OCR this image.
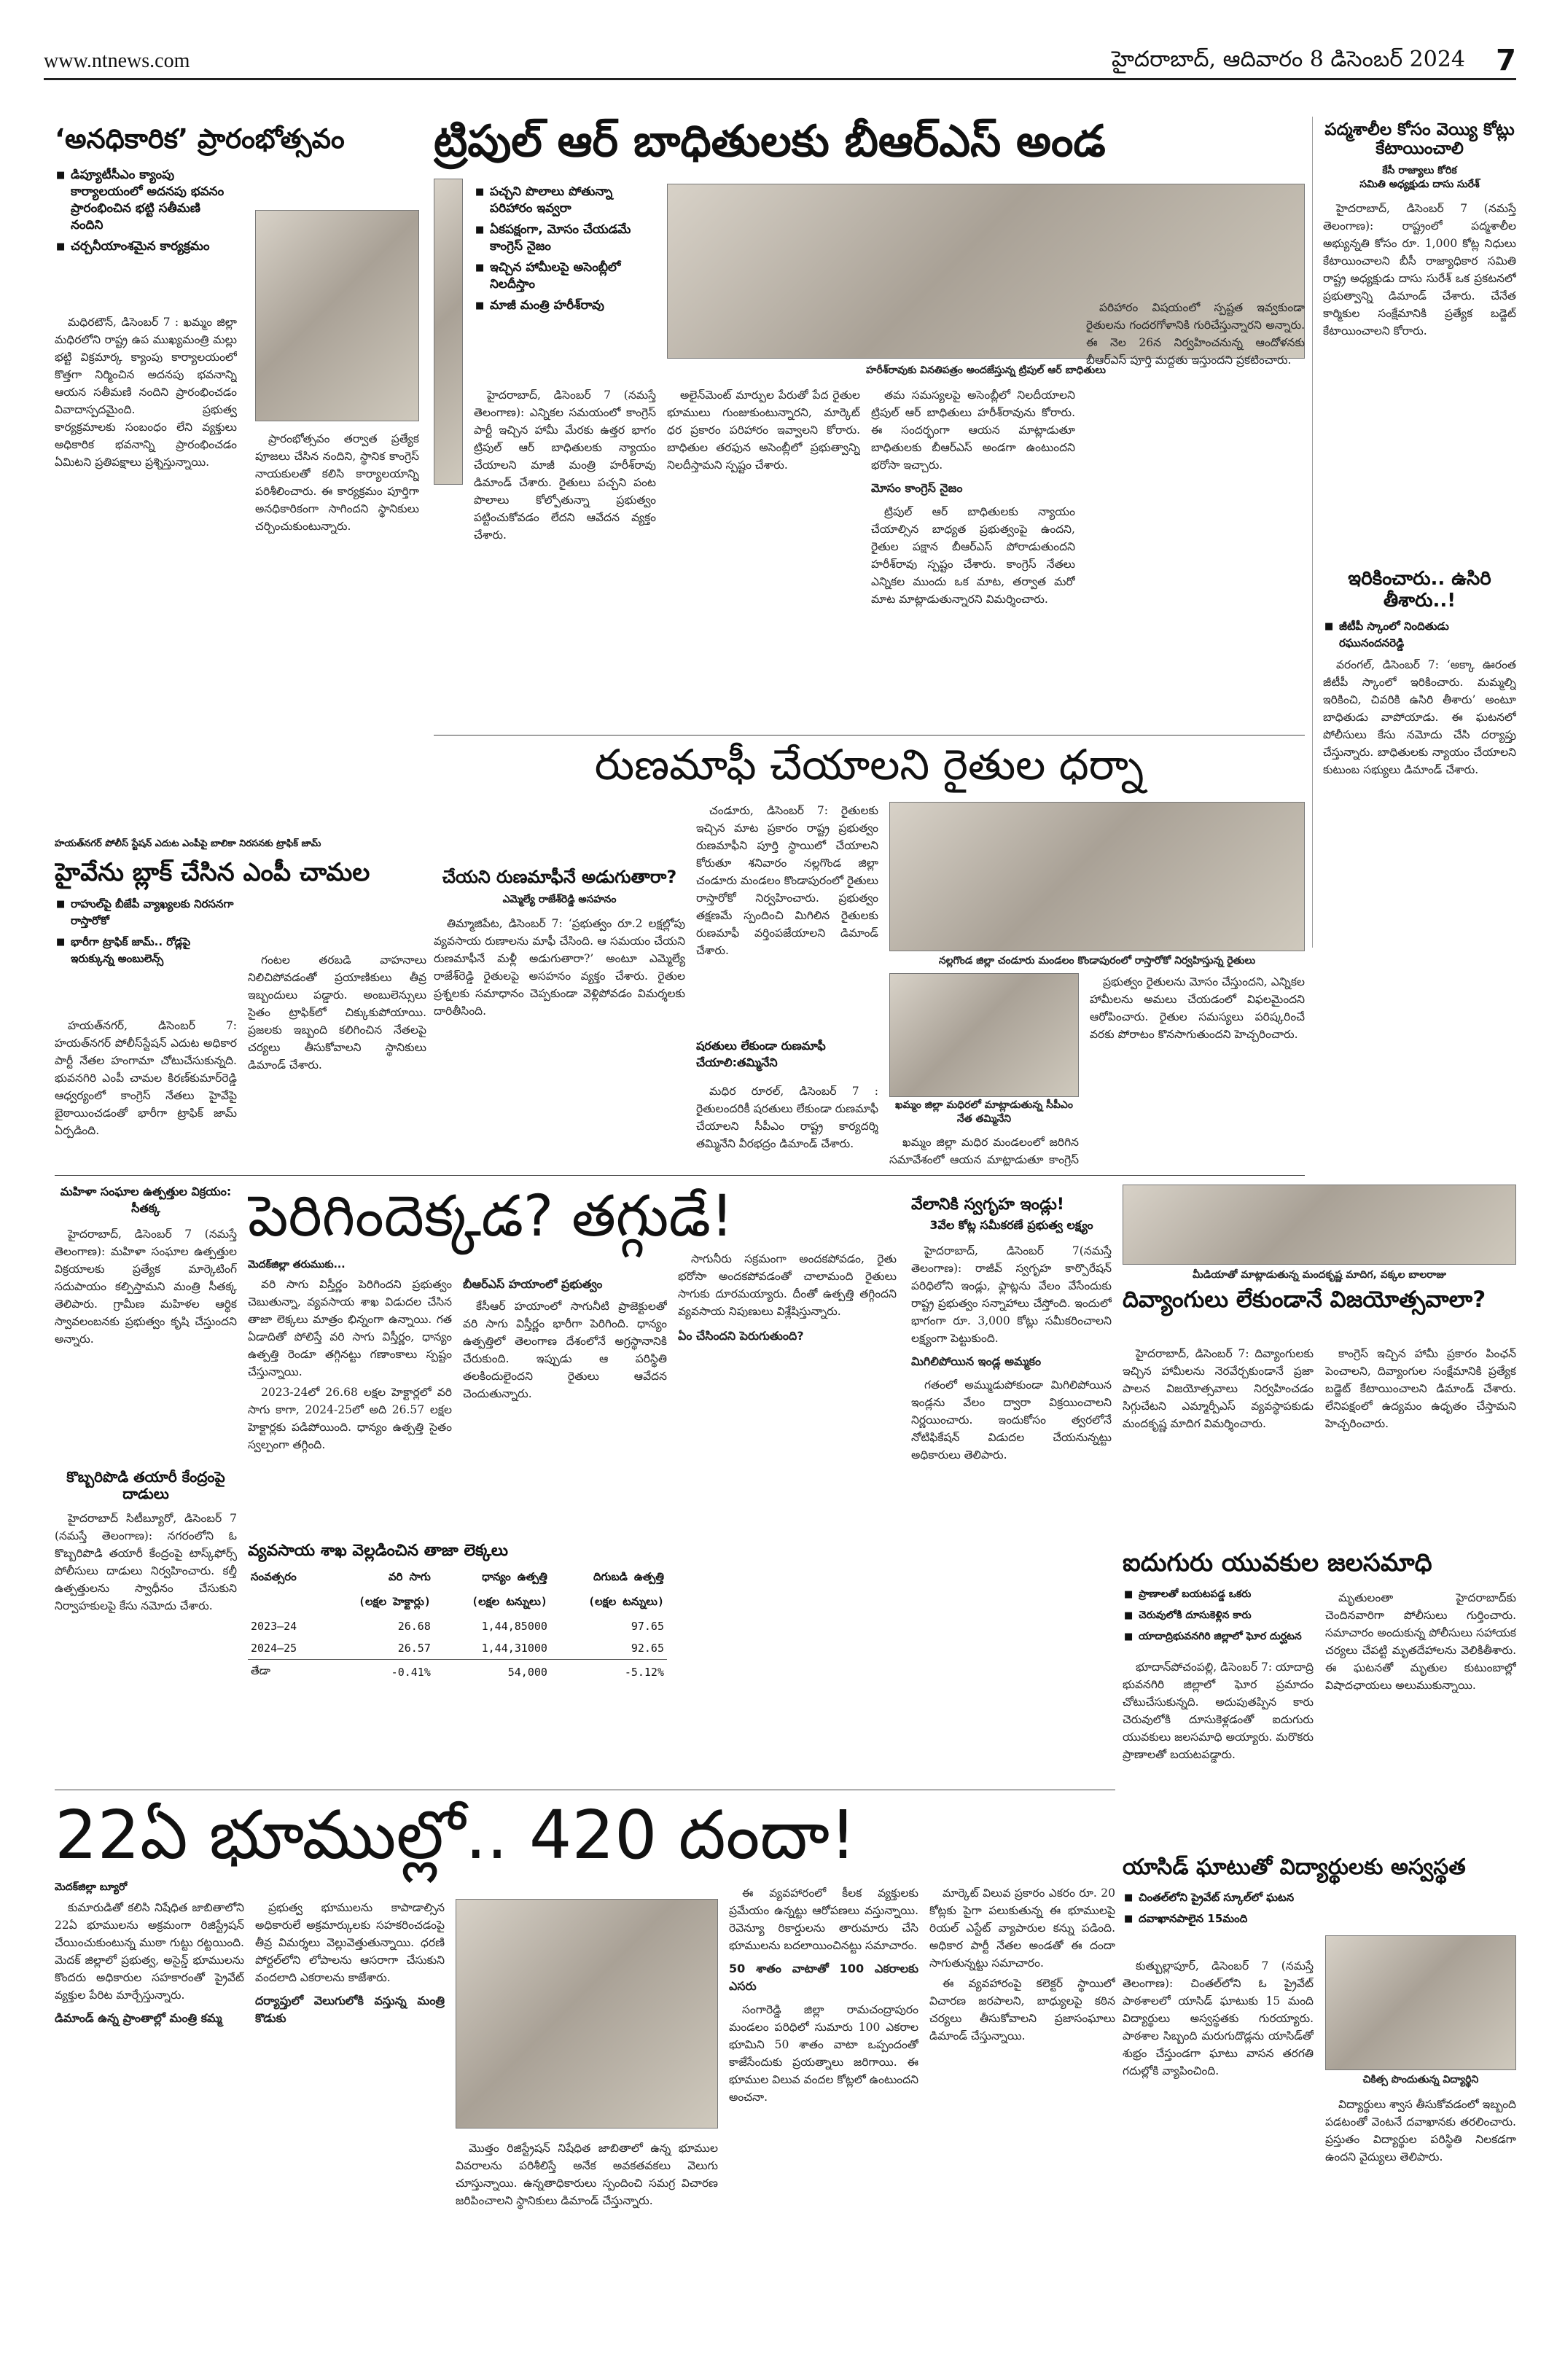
www.ntnews.com	హైదరాబాద్, ఆదివారం 8 డిసెంబర్ 2024 7
‘అనధికారిక’ ప్రారంభోత్సవం
■ డిప్యూటీసీఎం క్యాంపు కార్యాలయంలో అదనపు భవనం ప్రారంభించిన భట్టి సతీమణి నందిని
■ చర్చనీయాంశమైన కార్యక్రమం

మధిరటౌన్, డిసెంబర్ 7 : ఖమ్మం జిల్లా మధిరలోని రాష్ట్ర ఉప ముఖ్యమంత్రి మల్లు భట్టి విక్రమార్క క్యాంపు కార్యాలయంలో కొత్తగా నిర్మించిన అదనపు భవనాన్ని ఆయన సతీమణి నందిని ప్రారంభించడం వివాదాస్పదమైంది. ప్రభుత్వ కార్యక్రమాలకు సంబంధం లేని వ్యక్తులు అధికారిక భవనాన్ని ప్రారంభించడం ఏమిటని ప్రతిపక్షాలు ప్రశ్నిస్తున్నాయి.

ప్రారంభోత్సవం తర్వాత ప్రత్యేక పూజలు చేసిన నందిని, స్థానిక కాంగ్రెస్ నాయకులతో కలిసి కార్యాలయాన్ని పరిశీలించారు. ఈ కార్యక్రమం పూర్తిగా అనధికారికంగా సాగిందని స్థానికులు చర్చించుకుంటున్నారు.

ట్రిపుల్ ఆర్ బాధితులకు బీఆర్ఎస్ అండ
■ పచ్చని పొలాలు పోతున్నా పరిహారం ఇవ్వరా
■ ఏకపక్షంగా, మోసం చేయడమే కాంగ్రెస్ నైజం
■ ఇచ్చిన హామీలపై అసెంబ్లీలో నిలదీస్తాం
■ మాజీ మంత్రి హరీశ్‌రావు

హైదరాబాద్, డిసెంబర్ 7 (నమస్తే తెలంగాణ): ఎన్నికల సమయంలో కాంగ్రెస్ పార్టీ ఇచ్చిన హామీ మేరకు ఉత్తర భాగం ట్రిపుల్ ఆర్ బాధితులకు న్యాయం చేయాలని మాజీ మంత్రి హరీశ్‌రావు డిమాండ్ చేశారు. రైతులు పచ్చని పంట పొలాలు కోల్పోతున్నా ప్రభుత్వం పట్టించుకోవడం లేదని ఆవేదన వ్యక్తం చేశారు.

అలైన్‌మెంట్ మార్పుల పేరుతో పేద రైతుల భూములు గుంజుకుంటున్నారని, మార్కెట్ ధర ప్రకారం పరిహారం ఇవ్వాలని కోరారు. బాధితుల తరఫున అసెంబ్లీలో ప్రభుత్వాన్ని నిలదీస్తామని స్పష్టం చేశారు.

హరీశ్‌రావుకు వినతిపత్రం అందజేస్తున్న ట్రిపుల్ ఆర్ బాధితులు

తమ సమస్యలపై అసెంబ్లీలో నిలదీయాలని ట్రిపుల్ ఆర్ బాధితులు హరీశ్‌రావును కోరారు. ఈ సందర్భంగా ఆయన మాట్లాడుతూ బాధితులకు బీఆర్ఎస్ అండగా ఉంటుందని భరోసా ఇచ్చారు.

మోసం కాంగ్రెస్ నైజం

ట్రిపుల్ ఆర్ బాధితులకు న్యాయం చేయాల్సిన బాధ్యత ప్రభుత్వంపై ఉందని, రైతుల పక్షాన బీఆర్ఎస్ పోరాడుతుందని హరీశ్‌రావు స్పష్టం చేశారు. కాంగ్రెస్ నేతలు ఎన్నికల ముందు ఒక మాట, తర్వాత మరో మాట మాట్లాడుతున్నారని విమర్శించారు.

పరిహారం విషయంలో స్పష్టత ఇవ్వకుండా రైతులను గందరగోళానికి గురిచేస్తున్నారని అన్నారు. ఈ నెల 26న నిర్వహించనున్న ఆందోళనకు బీఆర్ఎస్ పూర్తి మద్దతు ఇస్తుందని ప్రకటించారు.

పద్మశాలీల కోసం వెయ్యి కోట్లు కేటాయించాలి
కేసీ రాజ్యాలు కోరిక
సమితి అధ్యక్షుడు దాసు సురేశ్

హైదరాబాద్, డిసెంబర్ 7 (నమస్తే తెలంగాణ): రాష్ట్రంలో పద్మశాలీల అభ్యున్నతి కోసం రూ. 1,000 కోట్ల నిధులు కేటాయించాలని బీసీ రాజ్యాధికార సమితి రాష్ట్ర అధ్యక్షుడు దాసు సురేశ్ ఒక ప్రకటనలో ప్రభుత్వాన్ని డిమాండ్ చేశారు. చేనేత కార్మికుల సంక్షేమానికి ప్రత్యేక బడ్జెట్ కేటాయించాలని కోరారు.

ఇరికించారు.. ఉసిరి తీశారు..!
■ జీటీపీ స్కాంలో నిందితుడు రఘునందనరెడ్డి

వరంగల్, డిసెంబర్ 7: ‘అక్కా ఊరంత జీటీపీ స్కాంలో ఇరికించారు. మమ్మల్ని ఇరికించి, చివరికి ఉసిరి తీశారు’ అంటూ బాధితుడు వాపోయాడు. ఈ ఘటనలో పోలీసులు కేసు నమోదు చేసి దర్యాప్తు చేస్తున్నారు. బాధితులకు న్యాయం చేయాలని కుటుంబ సభ్యులు డిమాండ్ చేశారు.

రుణమాఫీ చేయాలని రైతుల ధర్నా

చండూరు, డిసెంబర్ 7: రైతులకు ఇచ్చిన మాట ప్రకారం రాష్ట్ర ప్రభుత్వం రుణమాఫీని పూర్తి స్థాయిలో చేయాలని కోరుతూ శనివారం నల్లగొండ జిల్లా చండూరు మండలం కొండాపురంలో రైతులు రాస్తారోకో నిర్వహించారు. ప్రభుత్వం తక్షణమే స్పందించి మిగిలిన రైతులకు రుణమాఫీ వర్తింపజేయాలని డిమాండ్ చేశారు.

షరతులు లేకుండా రుణమాఫీ చేయాలి:తమ్మినేని

మధిర రూరల్, డిసెంబర్ 7 : రైతులందరికీ షరతులు లేకుండా రుణమాఫీ చేయాలని సీపీఎం రాష్ట్ర కార్యదర్శి తమ్మినేని వీరభద్రం డిమాండ్ చేశారు.

నల్లగొండ జిల్లా చండూరు మండలం కొండాపురంలో రాస్తారోకో నిర్వహిస్తున్న రైతులు

ప్రభుత్వం రైతులను మోసం చేస్తుందని, ఎన్నికల హామీలను అమలు చేయడంలో విఫలమైందని ఆరోపించారు. రైతుల సమస్యలు పరిష్కరించే వరకు పోరాటం కొనసాగుతుందని హెచ్చరించారు.

ఖమ్మం జిల్లా మధిరలో మాట్లాడుతున్న సీపీఎం నేత తమ్మినేని

ఖమ్మం జిల్లా మధిర మండలంలో జరిగిన సమావేశంలో ఆయన మాట్లాడుతూ కాంగ్రెస్

హయత్‌నగర్ పోలీస్ స్టేషన్ ఎదుట ఎంపీపై బాలికా నిరసనకు ట్రాఫిక్ జామ్
హైవేను బ్లాక్ చేసిన ఎంపీ చామల
■ రాహుల్‌పై బీజేపీ వ్యాఖ్యలకు నిరసనగా రాస్తారోకో
■ భారీగా ట్రాఫిక్ జామ్.. రోడ్లపై ఇరుక్కున్న అంబులెన్స్

హయత్‌నగర్, డిసెంబర్ 7: హయత్‌నగర్ పోలీస్‌స్టేషన్ ఎదుట అధికార పార్టీ నేతల హంగామా చోటుచేసుకున్నది. భువనగిరి ఎంపీ చామల కిరణ్‌కుమార్‌రెడ్డి ఆధ్వర్యంలో కాంగ్రెస్ నేతలు హైవేపై బైఠాయించడంతో భారీగా ట్రాఫిక్ జామ్ ఏర్పడింది.

గంటల తరబడి వాహనాలు నిలిచిపోవడంతో ప్రయాణికులు తీవ్ర ఇబ్బందులు పడ్డారు. అంబులెన్సులు సైతం ట్రాఫిక్‌లో చిక్కుకుపోయాయి. ప్రజలకు ఇబ్బంది కలిగించిన నేతలపై చర్యలు తీసుకోవాలని స్థానికులు డిమాండ్ చేశారు.

చేయని రుణమాఫీనే అడుగుతారా?
ఎమ్మెల్యే రాజేశ్‌రెడ్డి అసహనం

తిమ్మాజిపేట, డిసెంబర్ 7: ‘ప్రభుత్వం రూ.2 లక్షల్లోపు వ్యవసాయ రుణాలను మాఫీ చేసింది. ఆ సమయం చేయని రుణమాఫీనే మళ్లీ అడుగుతారా?’ అంటూ ఎమ్మెల్యే రాజేశ్‌రెడ్డి రైతులపై అసహనం వ్యక్తం చేశారు. రైతుల ప్రశ్నలకు సమాధానం చెప్పకుండా వెళ్లిపోవడం విమర్శలకు దారితీసింది.

మహిళా సంఘాల ఉత్పత్తుల విక్రయం: సీతక్క

హైదరాబాద్, డిసెంబర్ 7 (నమస్తే తెలంగాణ): మహిళా సంఘాల ఉత్పత్తుల విక్రయాలకు ప్రత్యేక మార్కెటింగ్ సదుపాయం కల్పిస్తామని మంత్రి సీతక్క తెలిపారు. గ్రామీణ మహిళల ఆర్థిక స్వావలంబనకు ప్రభుత్వం కృషి చేస్తుందని అన్నారు.

కొబ్బరిపొడి తయారీ కేంద్రంపై దాడులు

హైదరాబాద్ సిటీబ్యూరో, డిసెంబర్ 7 (నమస్తే తెలంగాణ): నగరంలోని ఓ కొబ్బరిపొడి తయారీ కేంద్రంపై టాస్క్‌ఫోర్స్ పోలీసులు దాడులు నిర్వహించారు. కల్తీ ఉత్పత్తులను స్వాధీనం చేసుకుని నిర్వాహకులపై కేసు నమోదు చేశారు.

పెరిగిందెక్కడ? తగ్గుడే!
మెదక్‌జిల్లా తరుముకు...

వరి సాగు విస్తీర్ణం పెరిగిందని ప్రభుత్వం చెబుతున్నా, వ్యవసాయ శాఖ విడుదల చేసిన తాజా లెక్కలు మాత్రం భిన్నంగా ఉన్నాయి. గత ఏడాదితో పోలిస్తే వరి సాగు విస్తీర్ణం, ధాన్యం ఉత్పత్తి రెండూ తగ్గినట్టు గణాంకాలు స్పష్టం చేస్తున్నాయి.

2023-24లో 26.68 లక్షల హెక్టార్లలో వరి సాగు కాగా, 2024-25లో అది 26.57 లక్షల హెక్టార్లకు పడిపోయింది. ధాన్యం ఉత్పత్తి సైతం స్వల్పంగా తగ్గింది.

బీఆర్ఎస్ హయాంలో ప్రభుత్వం

కేసీఆర్ హయాంలో సాగునీటి ప్రాజెక్టులతో వరి సాగు విస్తీర్ణం భారీగా పెరిగింది. ధాన్యం ఉత్పత్తిలో తెలంగాణ దేశంలోనే అగ్రస్థానానికి చేరుకుంది. ఇప్పుడు ఆ పరిస్థితి తలకిందులైందని రైతులు ఆవేదన చెందుతున్నారు.

సాగునీరు సక్రమంగా అందకపోవడం, రైతు భరోసా అందకపోవడంతో చాలామంది రైతులు సాగుకు దూరమయ్యారు. దీంతో ఉత్పత్తి తగ్గిందని వ్యవసాయ నిపుణులు విశ్లేషిస్తున్నారు.

ఏం చేసిందని పెరుగుతుంది?
వ్యవసాయ శాఖ వెల్లడించిన తాజా లెక్కలు
సంవత్సరం	వరి సాగు	ధాన్యం ఉత్పత్తి	దిగుబడి ఉత్పత్తి
	(లక్షల హెక్టార్లు)	(లక్షల టన్నులు)	(లక్షల టన్నులు)
2023–24	26.68	1,44,85000	97.65
2024–25	26.57	1,44,31000	92.65
తేడా	-0.41%	54,000	-5.12%
వేలానికి స్వగృహ ఇండ్లు!
3వేల కోట్ల సమీకరణే ప్రభుత్వ లక్ష్యం

హైదరాబాద్, డిసెంబర్ 7(నమస్తే తెలంగాణ): రాజీవ్ స్వగృహ కార్పొరేషన్ పరిధిలోని ఇండ్లు, ఫ్లాట్లను వేలం వేసేందుకు రాష్ట్ర ప్రభుత్వం సన్నాహాలు చేస్తోంది. ఇందులో భాగంగా రూ. 3,000 కోట్లు సమీకరించాలని లక్ష్యంగా పెట్టుకుంది.

మిగిలిపోయిన ఇండ్ల అమ్మకం

గతంలో అమ్ముడుపోకుండా మిగిలిపోయిన ఇండ్లను వేలం ద్వారా విక్రయించాలని నిర్ణయించారు. ఇందుకోసం త్వరలోనే నోటిఫికేషన్ విడుదల చేయనున్నట్టు అధికారులు తెలిపారు.

మీడియాతో మాట్లాడుతున్న మందకృష్ణ మాదిగ, వక్కల బాలరాజు
దివ్యాంగులు లేకుండానే విజయోత్సవాలా?

హైదరాబాద్, డిసెంబర్ 7: దివ్యాంగులకు ఇచ్చిన హామీలను నెరవేర్చకుండానే ప్రజా పాలన విజయోత్సవాలు నిర్వహించడం సిగ్గుచేటని ఎమ్మార్పీఎస్ వ్యవస్థాపకుడు మందకృష్ణ మాదిగ విమర్శించారు.

కాంగ్రెస్ ఇచ్చిన హామీ ప్రకారం పింఛన్ పెంచాలని, దివ్యాంగుల సంక్షేమానికి ప్రత్యేక బడ్జెట్ కేటాయించాలని డిమాండ్ చేశారు. లేనిపక్షంలో ఉద్యమం ఉధృతం చేస్తామని హెచ్చరించారు.

ఐదుగురు యువకుల జలసమాధి
■ ప్రాణాలతో బయటపడ్డ ఒకరు
■ చెరువులోకి దూసుకెళ్లిన కారు
■ యాదాద్రిభువనగిరి జిల్లాలో ఘోర దుర్ఘటన

భూదాన్‌పోచంపల్లి, డిసెంబర్ 7: యాదాద్రి భువనగిరి జిల్లాలో ఘోర ప్రమాదం చోటుచేసుకున్నది. అదుపుతప్పిన కారు చెరువులోకి దూసుకెళ్లడంతో ఐదుగురు యువకులు జలసమాధి అయ్యారు. మరొకరు ప్రాణాలతో బయటపడ్డారు.

మృతులంతా హైదరాబాద్‌కు చెందినవారిగా పోలీసులు గుర్తించారు. సమాచారం అందుకున్న పోలీసులు సహాయక చర్యలు చేపట్టి మృతదేహాలను వెలికితీశారు. ఈ ఘటనతో మృతుల కుటుంబాల్లో విషాదఛాయలు అలుముకున్నాయి.

యాసిడ్ ఘాటుతో విద్యార్థులకు అస్వస్థత
■ చింతల్‌లోని ప్రైవేట్ స్కూల్‌లో ఘటన
■ దవాఖానపాలైన 15మంది

కుత్బుల్లాపూర్, డిసెంబర్ 7 (నమస్తే తెలంగాణ): చింతల్‌లోని ఓ ప్రైవేట్ పాఠశాలలో యాసిడ్ ఘాటుకు 15 మంది విద్యార్థులు అస్వస్థతకు గురయ్యారు. పాఠశాల సిబ్బంది మరుగుదొడ్లను యాసిడ్‌తో శుభ్రం చేస్తుండగా ఘాటు వాసన తరగతి గదుల్లోకి వ్యాపించింది.

చికిత్స పొందుతున్న విద్యార్థిని

విద్యార్థులు శ్వాస తీసుకోవడంలో ఇబ్బంది పడటంతో వెంటనే దవాఖానకు తరలించారు. ప్రస్తుతం విద్యార్థుల పరిస్థితి నిలకడగా ఉందని వైద్యులు తెలిపారు.

22ఏ భూముల్లో.. 420 దందా!
మెదక్‌జిల్లా బ్యూరో

కుమారుడితో కలిసి నిషేధిత జాబితాలోని 22ఏ భూములను అక్రమంగా రిజిస్ట్రేషన్ చేయించుకుంటున్న ముఠా గుట్టు రట్టయింది. మెదక్ జిల్లాలో ప్రభుత్వ, అసైన్డ్ భూములను కొందరు అధికారుల సహకారంతో ప్రైవేట్ వ్యక్తుల పేరిట మార్చేస్తున్నారు.

డిమాండ్ ఉన్న ప్రాంతాల్లో మంత్రి కమ్మ

ప్రభుత్వ భూములను కాపాడాల్సిన అధికారులే అక్రమార్కులకు సహకరించడంపై తీవ్ర విమర్శలు వెల్లువెత్తుతున్నాయి. ధరణి పోర్టల్‌లోని లోపాలను ఆసరాగా చేసుకుని వందలాది ఎకరాలను కాజేశారు.

దర్యాప్తులో వెలుగులోకి వస్తున్న మంత్రి కొడుకు

మొత్తం రిజిస్ట్రేషన్ నిషేధిత జాబితాలో ఉన్న భూముల వివరాలను పరిశీలిస్తే అనేక అవకతవకలు వెలుగు చూస్తున్నాయి. ఉన్నతాధికారులు స్పందించి సమగ్ర విచారణ జరిపించాలని స్థానికులు డిమాండ్ చేస్తున్నారు.

ఈ వ్యవహారంలో కీలక వ్యక్తులకు ప్రమేయం ఉన్నట్టు ఆరోపణలు వస్తున్నాయి. రెవెన్యూ రికార్డులను తారుమారు చేసి భూములను బదలాయించినట్టు సమాచారం.

50 శాతం వాటాతో 100 ఎకరాలకు ఎసరు

సంగారెడ్డి జిల్లా రామచంద్రాపురం మండలం పరిధిలో సుమారు 100 ఎకరాల భూమిని 50 శాతం వాటా ఒప్పందంతో కాజేసేందుకు ప్రయత్నాలు జరిగాయి. ఈ భూముల విలువ వందల కోట్లలో ఉంటుందని అంచనా.

మార్కెట్ విలువ ప్రకారం ఎకరం రూ. 20 కోట్లకు పైగా పలుకుతున్న ఈ భూములపై రియల్ ఎస్టేట్ వ్యాపారుల కన్ను పడింది. అధికార పార్టీ నేతల అండతో ఈ దందా సాగుతున్నట్టు సమాచారం.

ఈ వ్యవహారంపై కలెక్టర్ స్థాయిలో విచారణ జరపాలని, బాధ్యులపై కఠిన చర్యలు తీసుకోవాలని ప్రజాసంఘాలు డిమాండ్ చేస్తున్నాయి.
